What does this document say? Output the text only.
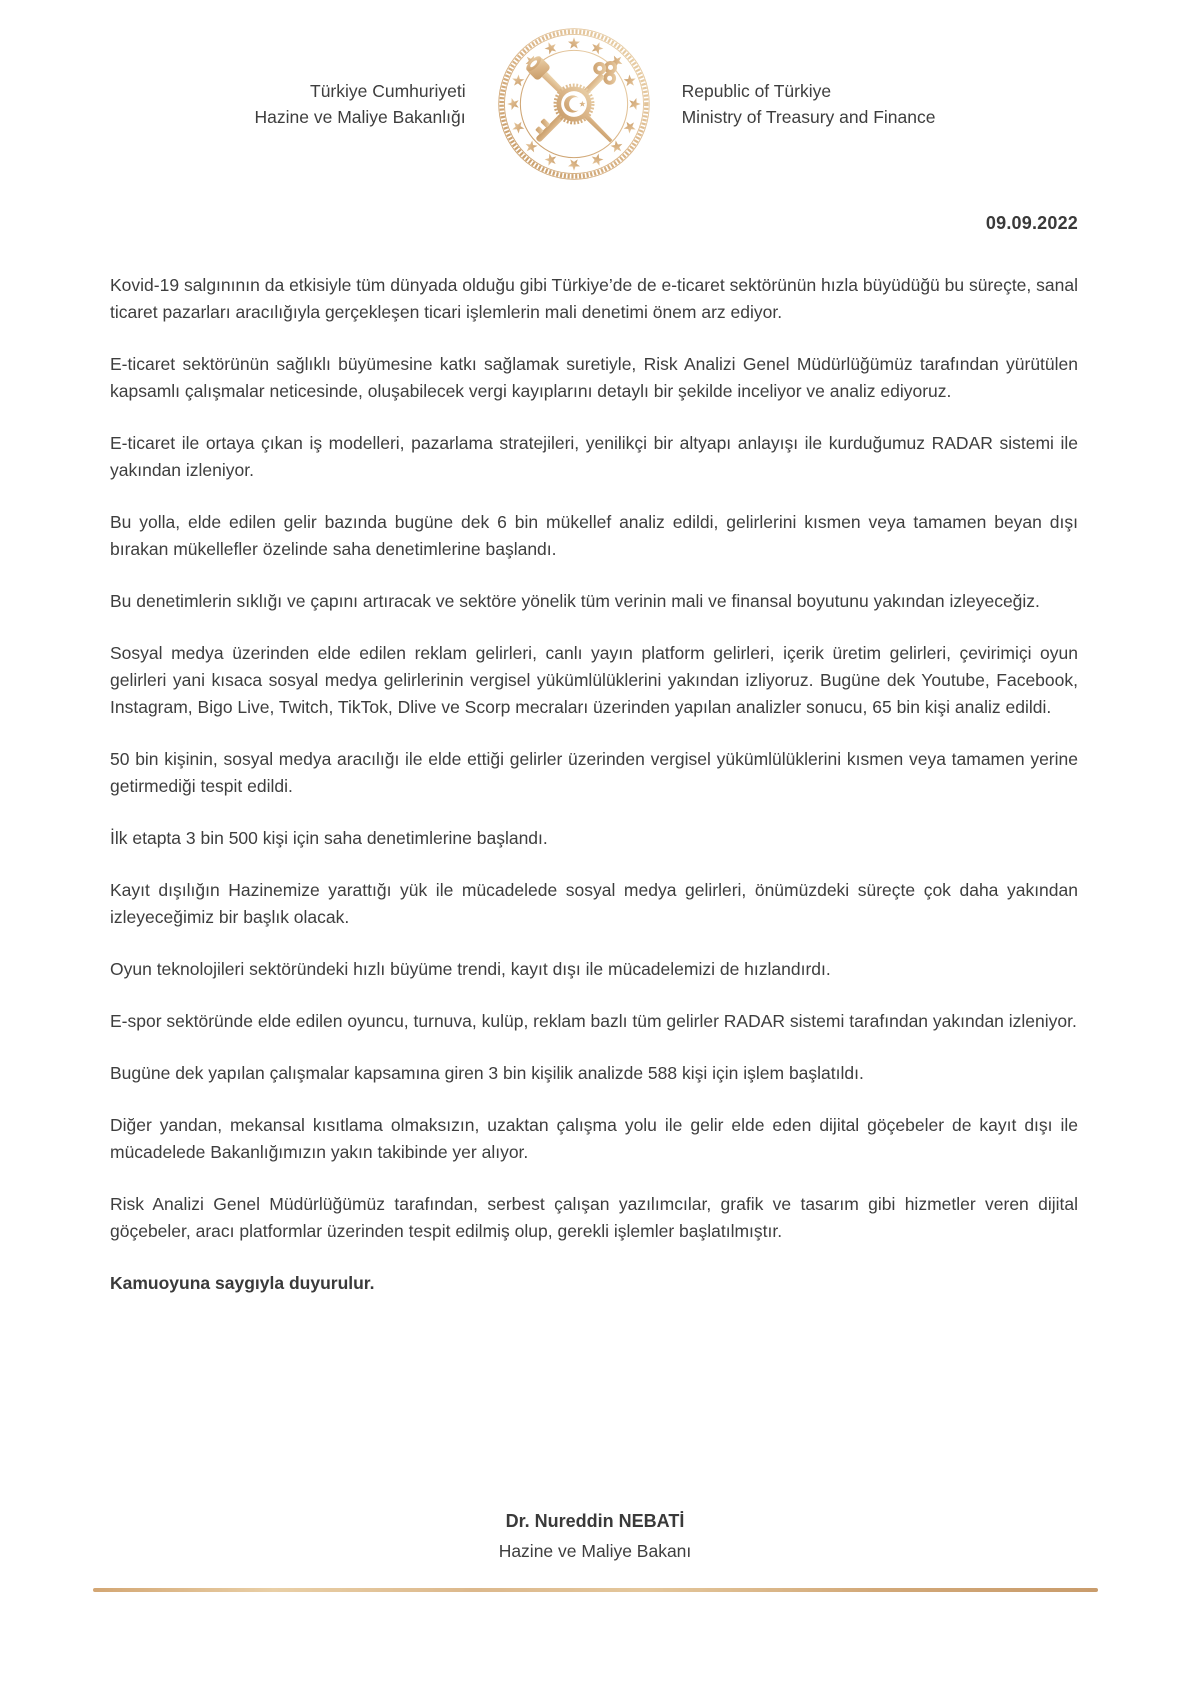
Türkiye Cumhuriyeti
Hazine ve Maliye Bakanlığı
Republic of Türkiye
Ministry of Treasury and Finance
09.09.2022

Kovid-19 salgınının da etkisiyle tüm dünyada olduğu gibi Türkiye’de de e-ticaret sektörünün hızla büyüdüğü bu süreçte, sanal ticaret pazarları aracılığıyla gerçekleşen ticari işlemlerin mali denetimi önem arz ediyor.

E-ticaret sektörünün sağlıklı büyümesine katkı sağlamak suretiyle, Risk Analizi Genel Müdürlüğümüz tarafından yürütülen kapsamlı çalışmalar neticesinde, oluşabilecek vergi kayıplarını detaylı bir şekilde inceliyor ve analiz ediyoruz.

E-ticaret ile ortaya çıkan iş modelleri, pazarlama stratejileri, yenilikçi bir altyapı anlayışı ile kurduğumuz RADAR sistemi ile yakından izleniyor.

Bu yolla, elde edilen gelir bazında bugüne dek 6 bin mükellef analiz edildi, gelirlerini kısmen veya tamamen beyan dışı bırakan mükellefler özelinde saha denetimlerine başlandı.

Bu denetimlerin sıklığı ve çapını artıracak ve sektöre yönelik tüm verinin mali ve finansal boyutunu yakından izleyeceğiz.

Sosyal medya üzerinden elde edilen reklam gelirleri, canlı yayın platform gelirleri, içerik üretim gelirleri, çevirimiçi oyun gelirleri yani kısaca sosyal medya gelirlerinin vergisel yükümlülüklerini yakından izliyoruz. Bugüne dek Youtube, Facebook, Instagram, Bigo Live, Twitch, TikTok, Dlive ve Scorp mecraları üzerinden yapılan analizler sonucu, 65 bin kişi analiz edildi.

50 bin kişinin, sosyal medya aracılığı ile elde ettiği gelirler üzerinden vergisel yükümlülüklerini kısmen veya tamamen yerine getirmediği tespit edildi.

İlk etapta 3 bin 500 kişi için saha denetimlerine başlandı.

Kayıt dışılığın Hazinemize yarattığı yük ile mücadelede sosyal medya gelirleri, önümüzdeki süreçte çok daha yakından izleyeceğimiz bir başlık olacak.

Oyun teknolojileri sektöründeki hızlı büyüme trendi, kayıt dışı ile mücadelemizi de hızlandırdı.

E-spor sektöründe elde edilen oyuncu, turnuva, kulüp, reklam bazlı tüm gelirler RADAR sistemi tarafından yakından izleniyor.

Bugüne dek yapılan çalışmalar kapsamına giren 3 bin kişilik analizde 588 kişi için işlem başlatıldı.

Diğer yandan, mekansal kısıtlama olmaksızın, uzaktan çalışma yolu ile gelir elde eden dijital göçebeler de kayıt dışı ile mücadelede Bakanlığımızın yakın takibinde yer alıyor.

Risk Analizi Genel Müdürlüğümüz tarafından, serbest çalışan yazılımcılar, grafik ve tasarım gibi hizmetler veren dijital göçebeler, aracı platformlar üzerinden tespit edilmiş olup, gerekli işlemler başlatılmıştır.

Kamuoyuna saygıyla duyurulur.

Dr. Nureddin NEBATİ
Hazine ve Maliye Bakanı
